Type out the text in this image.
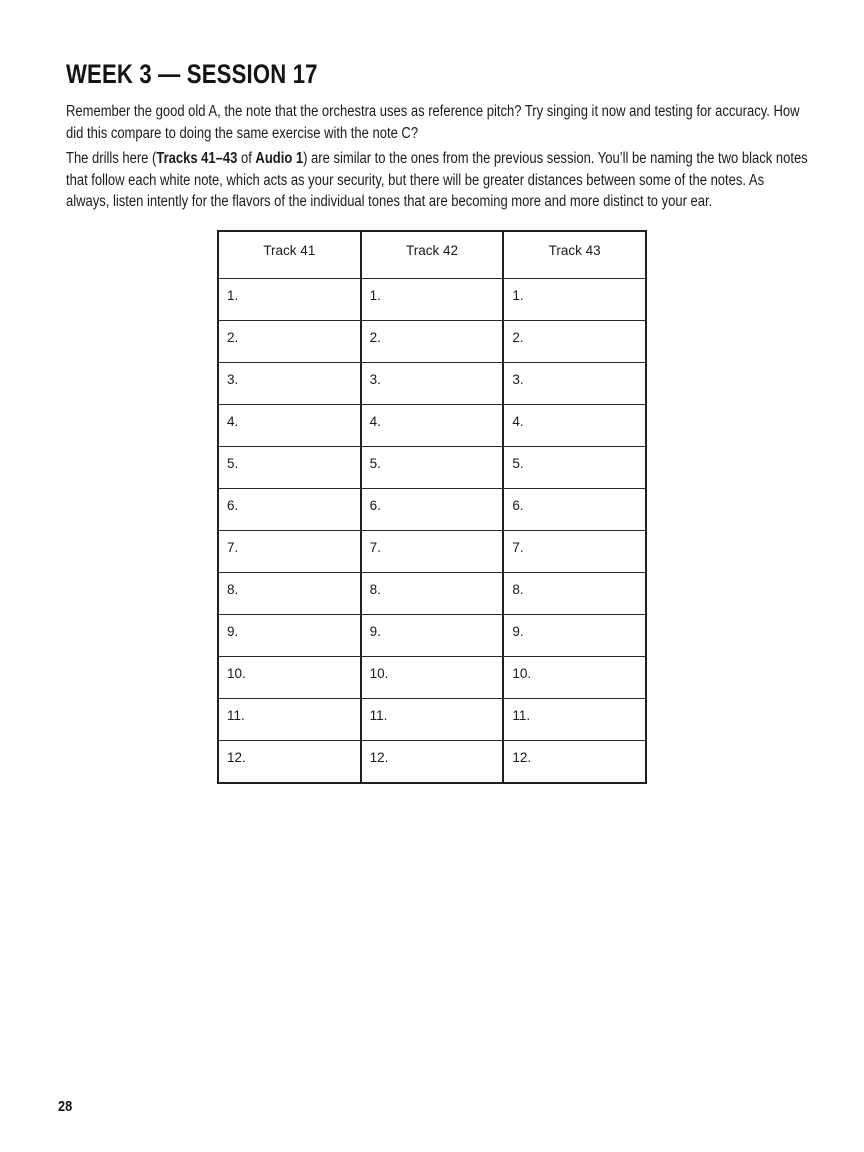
WEEK 3 — SESSION 17

Remember the good old A, the note that the orchestra uses as reference pitch? Try singing it now and testing for accuracy. How did this compare to doing the same exercise with the note C?

The drills here (Tracks 41–43 of Audio 1) are similar to the ones from the previous session. You’ll be naming the two black notes that follow each white note, which acts as your security, but there will be greater distances between some of the notes. As always, listen intently for the flavors of the individual tones that are becoming more and more distinct to your ear.

Track 41	Track 42	Track 43

1.	1.	1.

2.	2.	2.

3.	3.	3.

4.	4.	4.

5.	5.	5.

6.	6.	6.

7.	7.	7.

8.	8.	8.

9.	9.	9.

10.	10.	10.

11.	11.	11.

12.	12.	12.
28
